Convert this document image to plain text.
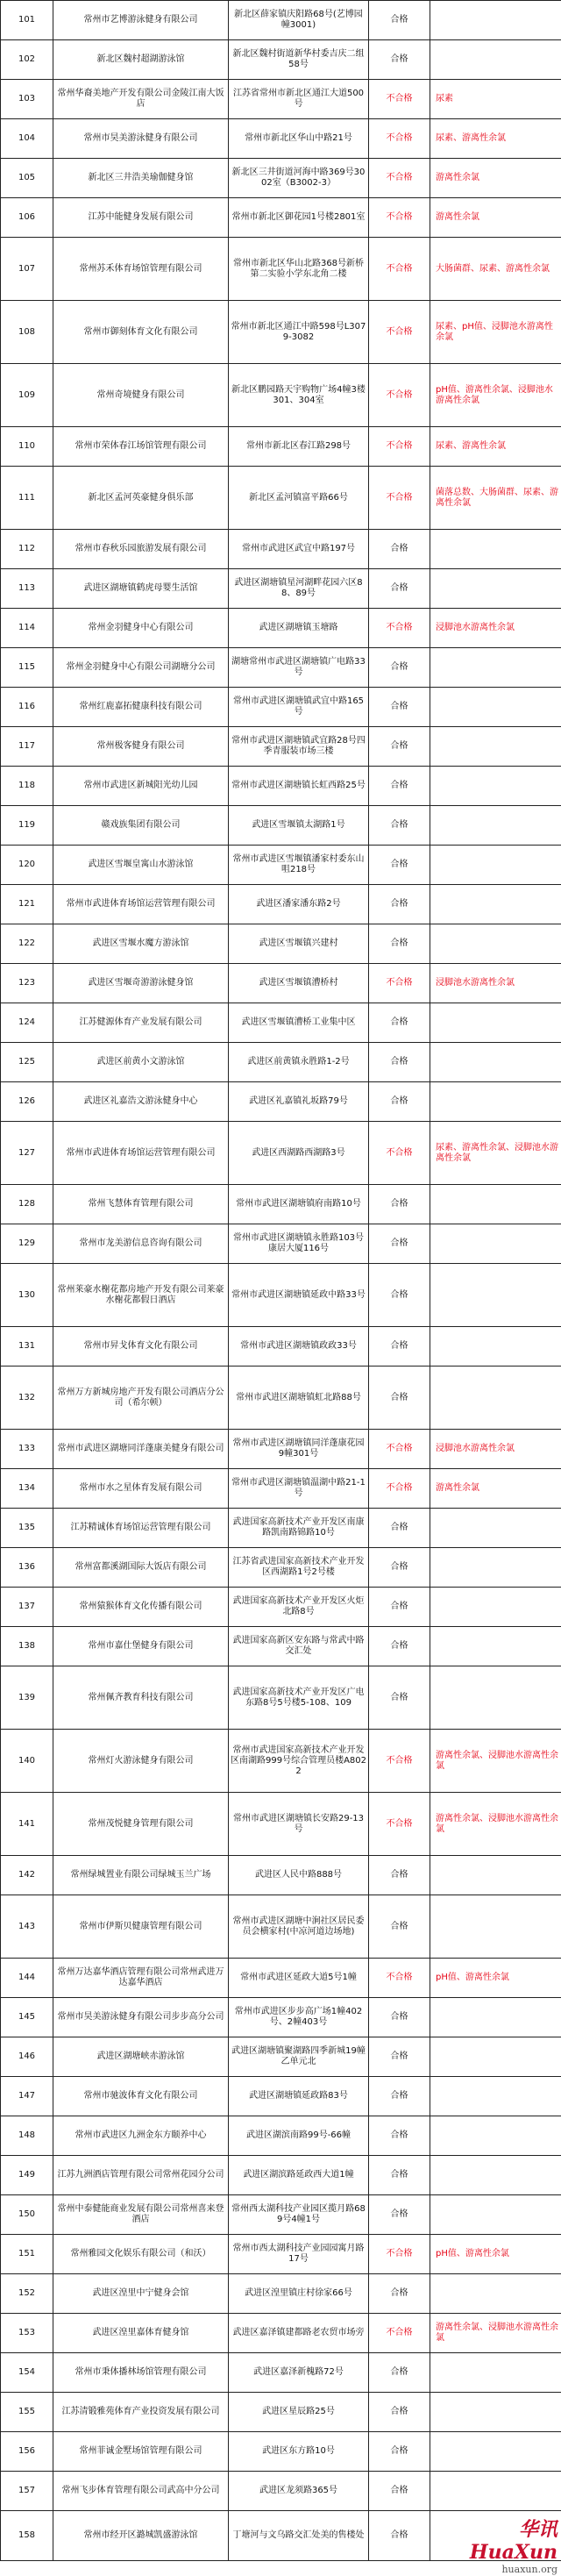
101	常州市艺博游泳健身有限公司	新北区薛家镇庆阳路68号(艺博园幢3001)	合格	
102	新北区魏村超湖游泳馆	新北区魏村街道新华村委吉庆二组58号	合格	
103	常州华裔美地产开发有限公司金陵江南大饭店	江苏省常州市新北区通江大道500号	不合格	尿素
104	常州市昊美游泳健身有限公司	常州市新北区华山中路21号	不合格	尿素、游离性余氯
105	新北区三井浩美瑜伽健身馆	新北区三井街道河海中路369号3002室（B3002-3）	不合格	游离性余氯
106	江苏中能健身发展有限公司	常州市新北区御花园1号楼2801室	不合格	游离性余氯
107	常州苏禾体育场馆管理有限公司	常州市新北区华山北路368号新桥第二实验小学东北角二楼	不合格	大肠菌群、尿素、游离性余氯
108	常州市御刻体育文化有限公司	常州市新北区通江中路598号L3079-3082	不合格	尿素、pH值、浸脚池水游离性余氯
109	常州奇境健身有限公司	新北区鹏园路天宇购物广场4幢3楼301、304室	不合格	pH值、游离性余氯、浸脚池水游离性余氯
110	常州市荣体春江场馆管理有限公司	常州市新北区春江路298号	不合格	尿素、游离性余氯
111	新北区孟河英豪健身俱乐部	新北区孟河镇富平路66号	不合格	菌落总数、大肠菌群、尿素、游离性余氯
112	常州市春秋乐园旅游发展有限公司	常州市武进区武宜中路197号	合格	
113	武进区湖塘镇鹤虎母婴生活馆	武进区湖塘镇星河湖畔花园六区88、89号	合格	
114	常州金羽健身中心有限公司	武进区湖塘镇玉塘路	不合格	浸脚池水游离性余氯
115	常州金羽健身中心有限公司湖塘分公司	湖塘常州市武进区湖塘镇广电路33号	合格	
116	常州红鹿嘉拓健康科技有限公司	常州市武进区湖塘镇武宜中路165号	合格	
117	常州极客健身有限公司	常州市武进区湖塘镇武宜路28号四季青服装市场三楼	合格	
118	常州市武进区新城阳光幼儿园	常州市武进区湖塘镇长虹西路25号	合格	
119	赣戏族集团有限公司	武进区雪堰镇太湖路1号	合格	
120	武进区雪堰皇寓山水游泳馆	常州市武进区雪堰镇潘家村委东山咀218号	合格	
121	常州市武进体育场馆运营管理有限公司	武进区潘家潘东路2号	合格	
122	武进区雪堰水魔方游泳馆	武进区雪堰镇兴建村	合格	
123	武进区雪堰奇游游泳健身馆	武进区雪堰镇漕桥村	不合格	浸脚池水游离性余氯
124	江苏健源体育产业发展有限公司	武进区雪堰镇漕桥工业集中区	合格	
125	武进区前黄小文游泳馆	武进区前黄镇永胜路1-2号	合格	
126	武进区礼嘉浩文游泳健身中心	武进区礼嘉镇礼坂路79号	合格	
127	常州市武进体育场馆运营管理有限公司	武进区西湖路西湖路3号	不合格	尿素、游离性余氯、浸脚池水游离性余氯
128	常州飞慧体育管理有限公司	常州市武进区湖塘镇府南路10号	合格	
129	常州市龙美游信息咨询有限公司	常州市武进区湖塘镇永胜路103号康居大厦116号	合格	
130	常州莱豪水榭花都房地产开发有限公司莱豪水榭花都假日酒店	常州市武进区湖塘镇延政中路33号	合格	
131	常州市昇戈体育文化有限公司	常州市武进区湖塘镇政政33号	合格	
132	常州万方新城房地产开发有限公司酒店分公司（希尔顿）	常州市武进区湖塘镇虹北路88号	合格	
133	常州市武进区湖塘同洋蓬康美健身有限公司	常州市武进区湖塘镇同洋蓬康花园9幢301号	不合格	浸脚池水游离性余氯
134	常州市水之星体育发展有限公司	常州市武进区湖塘镇温湖中路21-1号	不合格	游离性余氯
135	江苏精诚体育场馆运营管理有限公司	武进国家高新技术产业开发区南康路凯南路锦路10号	合格	
136	常州富都溪湖国际大饭店有限公司	江苏省武进国家高新技术产业开发区西湖路1号2号楼	合格	
137	常州猿猴体育文化传播有限公司	武进国家高新技术产业开发区火炬北路8号	合格	
138	常州市嘉仕堡健身有限公司	武进国家高新区安东路与常武中路交汇处	合格	
139	常州佩齐教育科技有限公司	武进国家高新技术产业开发区广电东路8号5号楼5-108、109	合格	
140	常州灯火游泳健身有限公司	常州市武进国家高新技术产业开发区南湖路999号综合管理员楼A8022	不合格	游离性余氯、浸脚池水游离性余氯
141	常州茂悦健身管理有限公司	常州市武进区湖塘镇长安路29-13号	不合格	游离性余氯、浸脚池水游离性余氯
142	常州绿城置业有限公司绿城玉兰广场	武进区人民中路888号	合格	
143	常州市伊斯贝健康管理有限公司	常州市武进区湖塘中涧社区居民委员会横家村(中凉河道边场地)	合格	
144	常州万达嘉华酒店管理有限公司常州武进万达嘉华酒店	常州市武进区延政大道5号1幢	不合格	pH值、游离性余氯
145	常州市昊美游泳健身有限公司步步高分公司	常州市武进区步步高广场1幢402号、2幢403号	合格	
146	武进区湖塘峡赤游泳馆	武进区湖塘镇聚湖路四季新城19幢乙单元北	合格	
147	常州市驰波体育文化有限公司	武进区湖塘镇延政路83号	合格	
148	常州市武进区九洲金东方颐养中心	武进区湖滨南路99号-66幢	合格	
149	江苏九洲酒店管理有限公司常州花园分公司	武进区湖滨路延政西大道1幢	合格	
150	常州中泰健能商业发展有限公司常州喜来登酒店	常州西太湖科技产业园区揽月路689号4幢1号	合格	
151	常州雅园文化娱乐有限公司（和沃）	常州市西太湖科技产业园园寓月路17号	不合格	pH值、游离性余氯
152	武进区湟里中宁健身会馆	武进区湟里镇庄村徐家66号	合格	
153	武进区湟里嘉体育健身馆	武进区嘉泽镇建都路老农贸市场旁	不合格	游离性余氯、浸脚池水游离性余氯
154	常州市秉体播林场馆管理有限公司	武进区嘉泽新槐路72号	合格	
155	江苏清锻雅苑体育产业投资发展有限公司	武进区星辰路25号	合格	
156	常州菲诚金墅场馆管理有限公司	武进区东方路10号	合格	
157	常州飞步体育管理有限公司武高中分公司	武进区龙须路365号	合格	
158	常州市经开区潞城凯盛游泳馆	丁塘河与文乌路交汇处美的售楼处	合格		华讯 HuaXun
huaxun.org
